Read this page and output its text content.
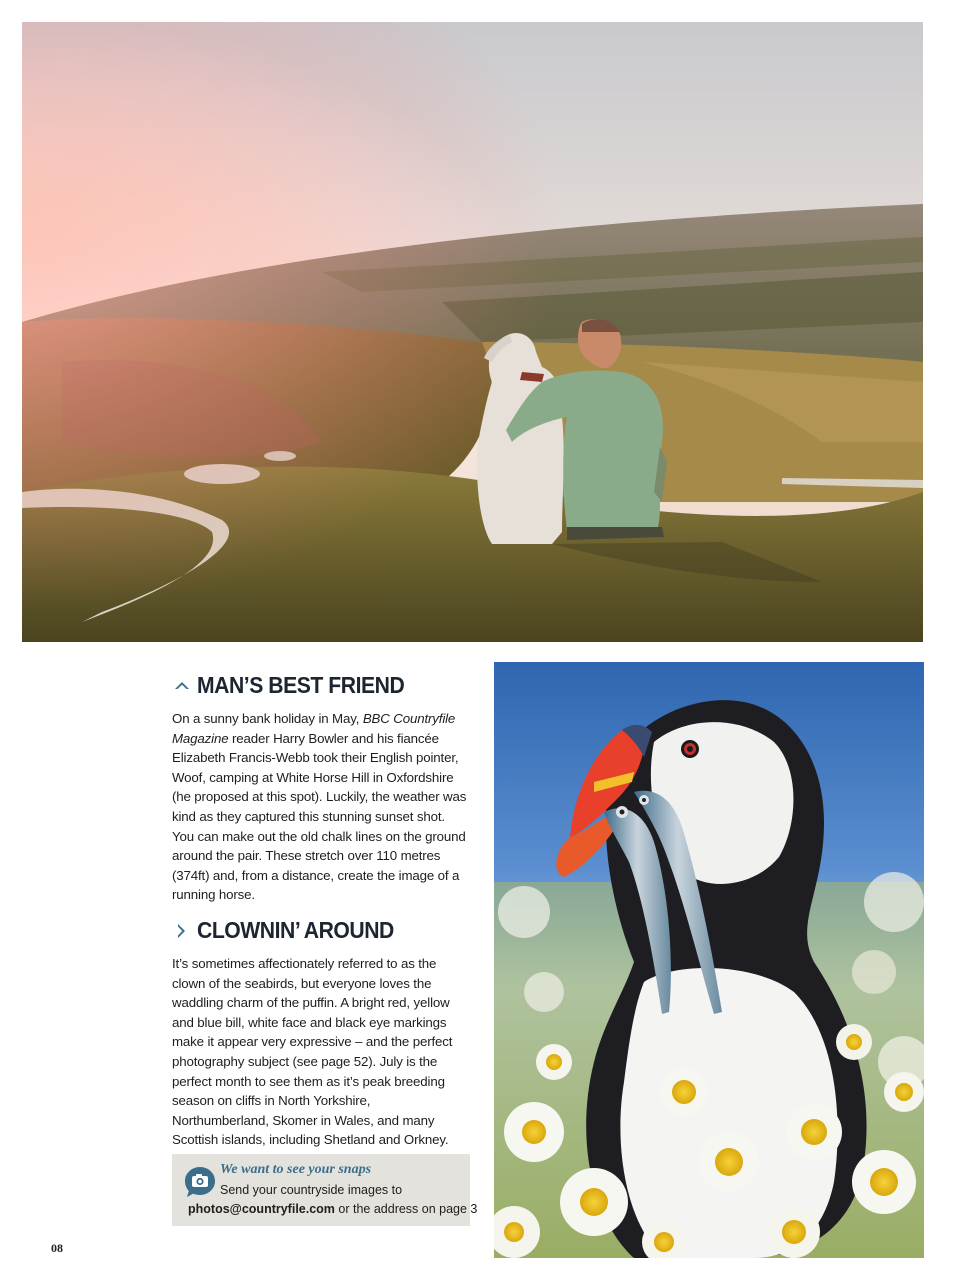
MAN’S BEST FRIEND

On a sunny bank holiday in May, BBC Countryfile Magazine reader Harry Bowler and his fiancée Elizabeth Francis-Webb took their English pointer, Woof, camping at White Horse Hill in Oxfordshire (he proposed at this spot). Luckily, the weather was kind as they captured this stunning sunset shot. You can make out the old chalk lines on the ground around the pair. These stretch over 110 metres (374ft) and, from a distance, create the image of a running horse.

CLOWNIN’ AROUND

It’s sometimes affectionately referred to as the clown of the seabirds, but everyone loves the waddling charm of the puffin. A bright red, yellow and blue bill, white face and black eye markings make it appear very expressive – and the perfect photography subject (see page 52). July is the perfect month to see them as it’s peak breeding season on cliffs in North Yorkshire, Northumberland, Skomer in Wales, and many Scottish islands, including Shetland and Orkney.

We want to see your snaps
Send your countryside images to
photos@countryfile.com or the address on page 3
08
